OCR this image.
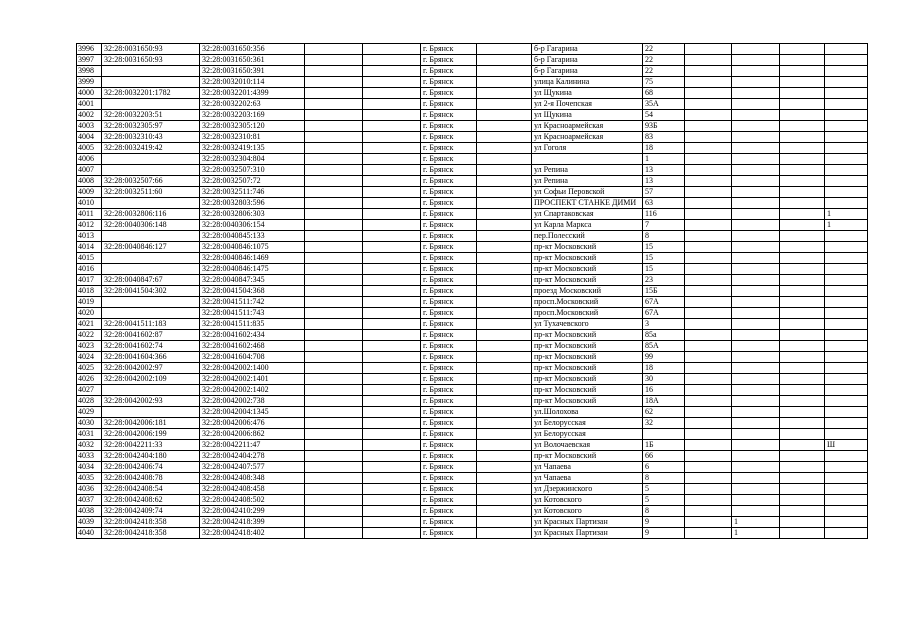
3996	32:28:0031650:93	32:28:0031650:356			г. Брянск		б-р Гагарина	22				
3997	32:28:0031650:93	32:28:0031650:361			г. Брянск		б-р Гагарина	22				
3998		32:28:0031650:391			г. Брянск		б-р Гагарина	22				
3999		32:28:0032010:114			г. Брянск		улица Калинина	75				
4000	32:28:0032201:1782	32:28:0032201:4399			г. Брянск		ул Щукина	68				
4001		32:28:0032202:63			г. Брянск		ул 2-я Почепская	35А				
4002	32:28:0032203:51	32:28:0032203:169			г. Брянск		ул Щукина	54				
4003	32:28:0032305:97	32:28:0032305:120			г. Брянск		ул Красноармейская	93Б				
4004	32:28:0032310:43	32:28:0032310:81			г. Брянск		ул Красноармейская	83				
4005	32:28:0032419:42	32:28:0032419:135			г. Брянск		ул Гоголя	18				
4006		32:28:0032304:804			г. Брянск			1				
4007		32:28:0032507:310			г. Брянск		ул Репина	13				
4008	32:28:0032507:66	32:28:0032507:72			г. Брянск		ул Репина	13				
4009	32:28:0032511:60	32:28:0032511:746			г. Брянск		ул Софьи Перовской	57				
4010		32:28:0032803:596			г. Брянск		ПРОСПЕКТ СТАНКЕ ДИМИ	63				
4011	32:28:0032806:116	32:28:0032806:303			г. Брянск		ул Спартаковская	116				1
4012	32:28:0040306:148	32:28:0040306:154			г. Брянск		ул Карла Маркса	7				1
4013		32:28:0040845:133			г. Брянск		пер.Полесский	8				
4014	32:28:0040846:127	32:28:0040846:1075			г. Брянск		пр-кт Московский	15				
4015		32:28:0040846:1469			г. Брянск		пр-кт Московский	15				
4016		32:28:0040846:1475			г. Брянск		пр-кт Московский	15				
4017	32:28:0040847:67	32:28:0040847:345			г. Брянск		пр-кт Московский	23				
4018	32:28:0041504:302	32:28:0041504:368			г. Брянск		проезд Московский	15Б				
4019		32:28:0041511:742			г. Брянск		просп.Московский	67А				
4020		32:28:0041511:743			г. Брянск		просп.Московский	67А				
4021	32:28:0041511:183	32:28:0041511:835			г. Брянск		ул Тухачевского	3				
4022	32:28:0041602:87	32:28:0041602:434			г. Брянск		пр-кт Московский	85а				
4023	32:28:0041602:74	32:28:0041602:468			г. Брянск		пр-кт Московский	85А				
4024	32:28:0041604:366	32:28:0041604:708			г. Брянск		пр-кт Московский	99				
4025	32:28:0042002:97	32:28:0042002:1400			г. Брянск		пр-кт Московский	18				
4026	32:28:0042002:109	32:28:0042002:1401			г. Брянск		пр-кт Московский	30				
4027		32:28:0042002:1402			г. Брянск		пр-кт Московский	16				
4028	32:28:0042002:93	32:28:0042002:738			г. Брянск		пр-кт Московский	18А				
4029		32:28:0042004:1345			г. Брянск		ул.Шолохова	62				
4030	32:28:0042006:181	32:28:0042006:476			г. Брянск		ул Белорусская	32				
4031	32:28:0042006:199	32:28:0042006:862			г. Брянск		ул Белорусская					
4032	32:28:0042211:33	32:28:0042211:47			г. Брянск		ул Волочаевская	1Б				Ш
4033	32:28:0042404:180	32:28:0042404:278			г. Брянск		пр-кт Московский	66				
4034	32:28:0042406:74	32:28:0042407:577			г. Брянск		ул Чапаева	6				
4035	32:28:0042408:78	32:28:0042408:348			г. Брянск		ул Чапаева	8				
4036	32:28:0042408:54	32:28:0042408:458			г. Брянск		ул Дзержинского	5				
4037	32:28:0042408:62	32:28:0042408:502			г. Брянск		ул Котовского	5				
4038	32:28:0042409:74	32:28:0042410:299			г. Брянск		ул Котовского	8				
4039	32:28:0042418:358	32:28:0042418:399			г. Брянск		ул Красных Партизан	9		1		
4040	32:28:0042418:358	32:28:0042418:402			г. Брянск		ул Красных Партизан	9		1		
